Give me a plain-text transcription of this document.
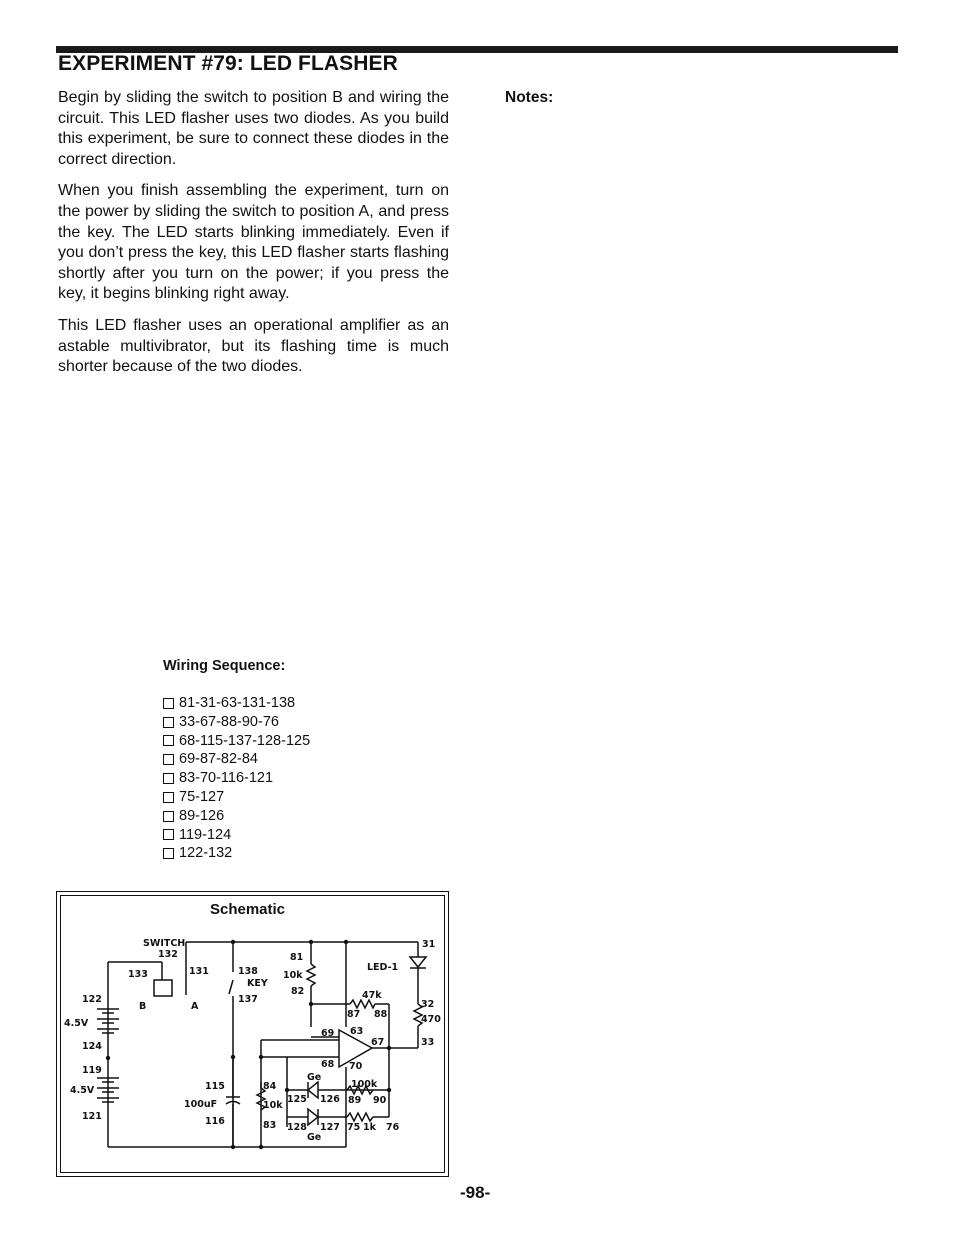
EXPERIMENT #79: LED FLASHER

Begin by sliding the switch to position B and wiring the circuit. This LED flasher uses two diodes. As you build this experiment, be sure to connect these diodes in the correct direction.

When you finish assembling the experiment, turn on the power by sliding the switch to position A, and press the key. The LED starts blinking immediately. Even if you don’t press the key, this LED flasher starts flashing shortly after you turn on the power; if you press the key, it begins blinking right away.

This LED flasher uses an operational amplifier as an astable multivibrator, but its flashing time is much shorter because of the two diodes.

Notes:
Wiring Sequence:
81-31-63-131-138
33-67-88-90-76
68-115-137-128-125
69-87-82-84
83-70-116-121
75-127
89-126
119-124
122-132
Schematic
SWITCH
132
133	131
B	A
122
4.5V
124
119
4.5V
121
138
KEY
137
81
10k
82
31
LED-1
32
470
33
47k
87 88
69 63
67
68 70
Ge
100k
115
100uF
116
84
10k
83
125 126 89 90
128 127
Ge
75 1k 76
-98-
